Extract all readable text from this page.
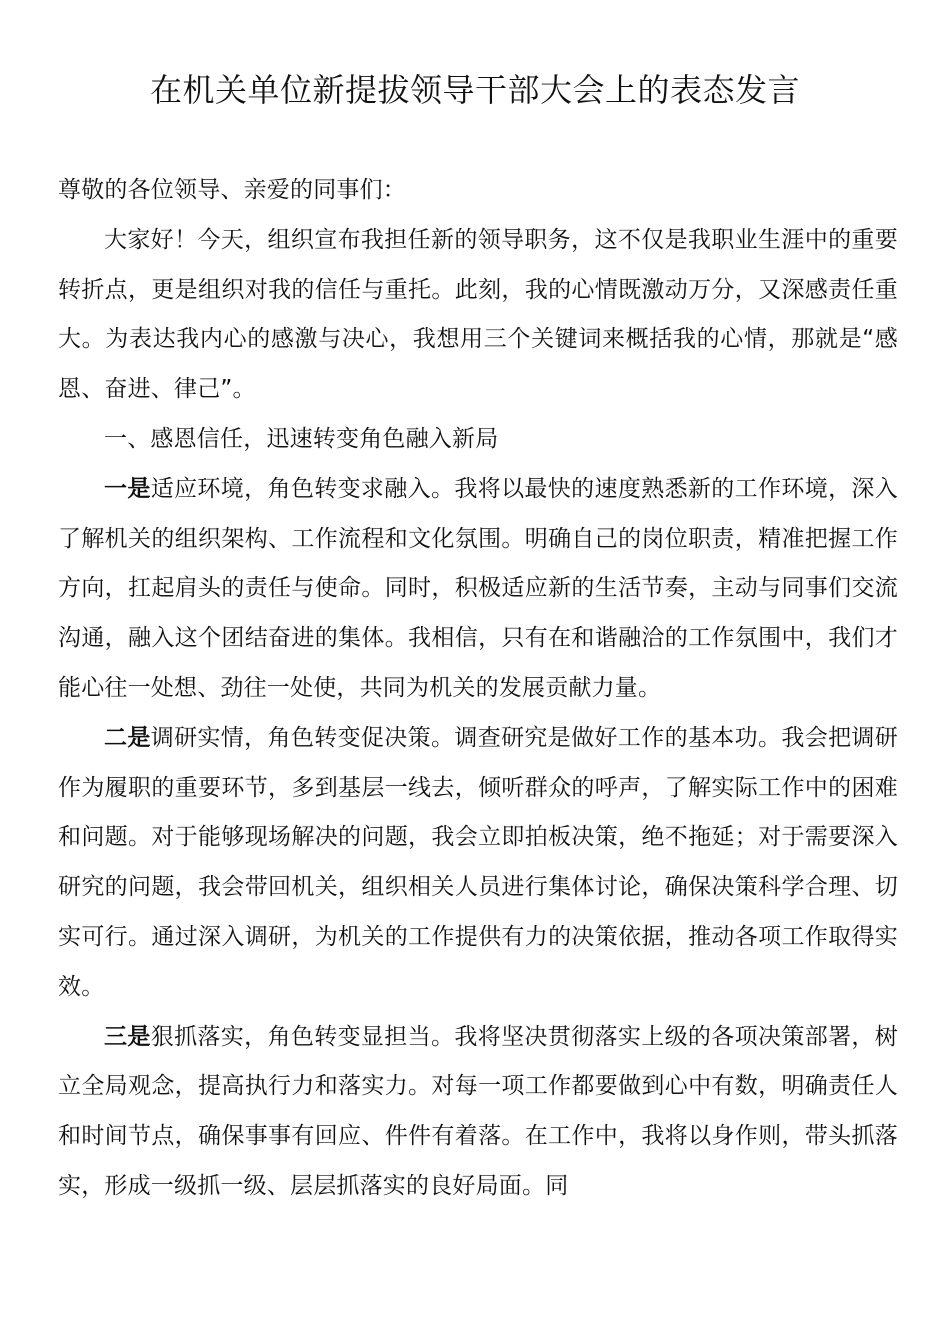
在机关单位新提拔领导干部大会上的表态发言

尊敬的各位领导、亲爱的同事们：

大家好！今天，组织宣布我担任新的领导职务，这不仅是我职业生涯中的重要转折点，更是组织对我的信任与重托。此刻，我的心情既激动万分，又深感责任重大。为表达我内心的感激与决心，我想用三个关键词来概括我的心情，那就是“感恩、奋进、律己”。

一、感恩信任，迅速转变角色融入新局

一是适应环境，角色转变求融入。我将以最快的速度熟悉新的工作环境，深入了解机关的组织架构、工作流程和文化氛围。明确自己的岗位职责，精准把握工作方向，扛起肩头的责任与使命。同时，积极适应新的生活节奏，主动与同事们交流沟通，融入这个团结奋进的集体。我相信，只有在和谐融洽的工作氛围中，我们才能心往一处想、劲往一处使，共同为机关的发展贡献力量。

二是调研实情，角色转变促决策。调查研究是做好工作的基本功。我会把调研作为履职的重要环节，多到基层一线去，倾听群众的呼声，了解实际工作中的困难和问题。对于能够现场解决的问题，我会立即拍板决策，绝不拖延；对于需要深入研究的问题，我会带回机关，组织相关人员进行集体讨论，确保决策科学合理、切实可行。通过深入调研，为机关的工作提供有力的决策依据，推动各项工作取得实效。

三是狠抓落实，角色转变显担当。我将坚决贯彻落实上级的各项决策部署，树立全局观念，提高执行力和落实力。对每一项工作都要做到心中有数，明确责任人和时间节点，确保事事有回应、件件有着落。在工作中，我将以身作则，带头抓落实，形成一级抓一级、层层抓落实的良好局面。同
